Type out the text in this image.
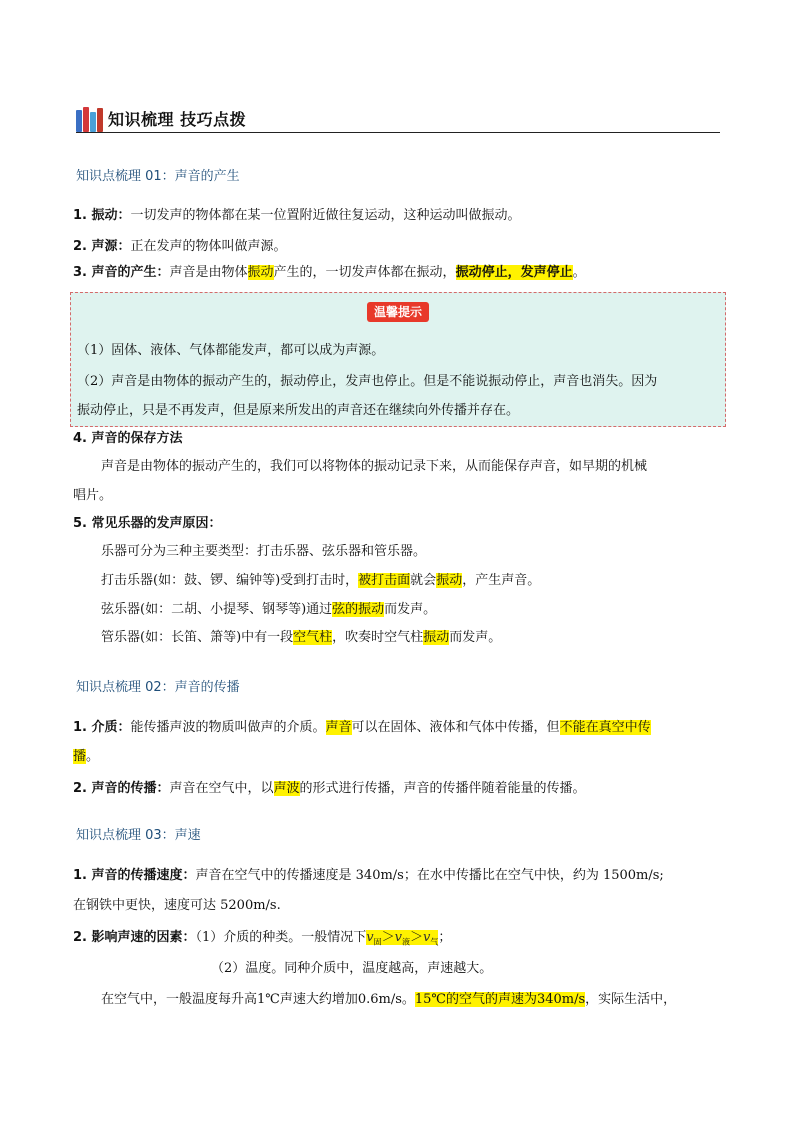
知识梳理 技巧点拨
知识点梳理 01：声音的产生
1. 振动：一切发声的物体都在某一位置附近做往复运动，这种运动叫做振动。
2. 声源：正在发声的物体叫做声源。
3. 声音的产生：声音是由物体振动产生的，一切发声体都在振动，振动停止，发声停止。
温馨提示
（1）固体、液体、气体都能发声，都可以成为声源。
（2）声音是由物体的振动产生的，振动停止，发声也停止。但是不能说振动停止，声音也消失。因为
振动停止，只是不再发声，但是原来所发出的声音还在继续向外传播并存在。
4. 声音的保存方法
声音是由物体的振动产生的，我们可以将物体的振动记录下来，从而能保存声音，如早期的机械
唱片。
5. 常见乐器的发声原因：
乐器可分为三种主要类型：打击乐器、弦乐器和管乐器。
打击乐器(如：鼓、锣、编钟等)受到打击时，被打击面就会振动，产生声音。
弦乐器(如：二胡、小提琴、钢琴等)通过弦的振动而发声。
管乐器(如：长笛、箫等)中有一段空气柱，吹奏时空气柱振动而发声。
知识点梳理 02：声音的传播
1. 介质：能传播声波的物质叫做声的介质。声音可以在固体、液体和气体中传播，但不能在真空中传
播。
2. 声音的传播：声音在空气中，以声波的形式进行传播，声音的传播伴随着能量的传播。
知识点梳理 03：声速
1. 声音的传播速度：声音在空气中的传播速度是 340m/s；在水中传播比在空气中快，约为 1500m/s;
在钢铁中更快，速度可达 5200m/s.
2. 影响声速的因素：（1）介质的种类。一般情况下$v_固>v_液>v_气$；
（2）温度。同种介质中，温度越高，声速越大。
在空气中，一般温度每升高1℃声速大约增加0.6m/s。15℃的空气的声速为340m/s，实际生活中，
